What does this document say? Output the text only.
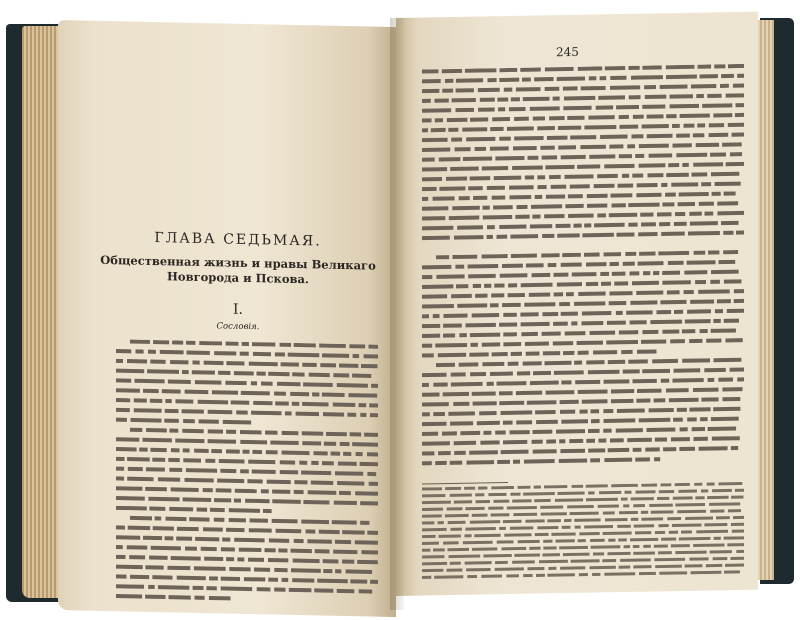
ГЛАВА СЕДЬМАЯ.
Общественная жизнь и нравы Великаго Новгорода и Пскова.
I.
Сословія.
245
